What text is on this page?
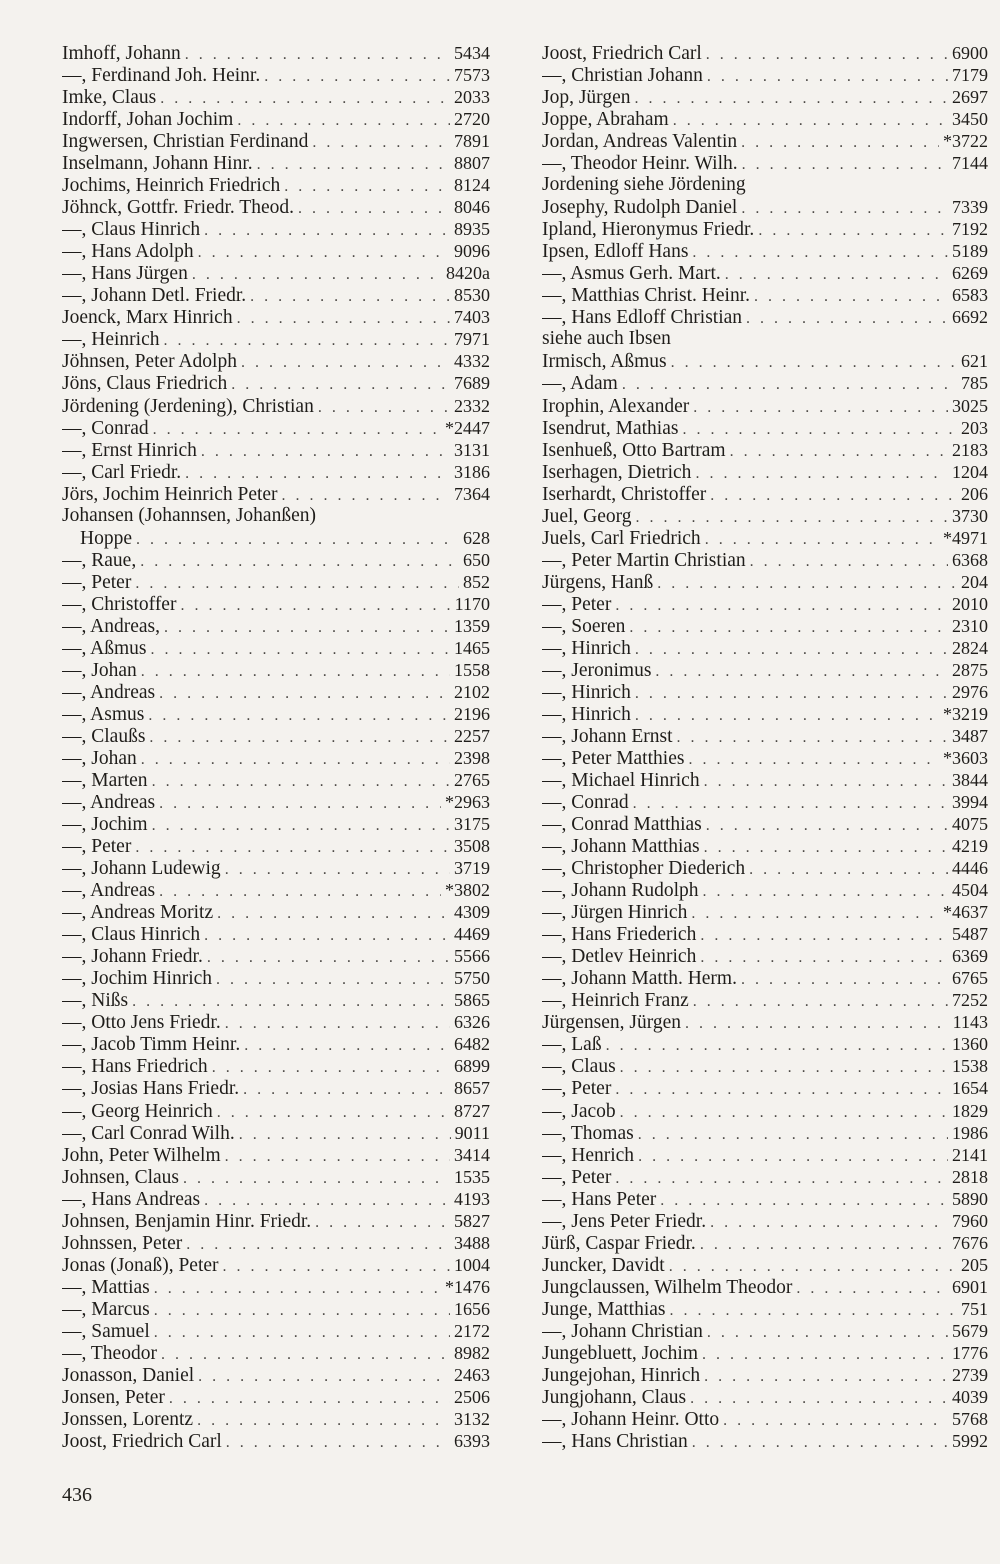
Imhoff, Johann . . .	5434
—, Ferdinand Joh. Heinr. . . .	7573
Imke, Claus . . .	2033
Indorff, Johan Jochim . . .	2720
Ingwersen, Christian Ferdinand . . .	7891
Inselmann, Johann Hinr. . . .	8807
Jochims, Heinrich Friedrich . . .	8124
Jöhnck, Gottfr. Friedr. Theod. . . .	8046
—, Claus Hinrich . . .	8935
—, Hans Adolph . . .	9096
—, Hans Jürgen . . .	8420a
—, Johann Detl. Friedr. . . .	8530
Joenck, Marx Hinrich . . .	7403
—, Heinrich . . .	7971
Jöhnsen, Peter Adolph . . .	4332
Jöns, Claus Friedrich . . .	7689
Jördening (Jerdening), Christian . . .	2332
—, Conrad . . .	*2447
—, Ernst Hinrich . . .	3131
—, Carl Friedr. . . .	3186
Jörs, Jochim Heinrich Peter . . .	7364
Johansen (Johannsen, Johanßen)
Hoppe . . .	628
—, Raue, . . .	650
—, Peter . . .	852
—, Christoffer . . .	1170
—, Andreas, . . .	1359
—, Aßmus . . .	1465
—, Johan . . .	1558
—, Andreas . . .	2102
—, Asmus . . .	2196
—, Claußs . . .	2257
—, Johan . . .	2398
—, Marten . . .	2765
—, Andreas . . .	*2963
—, Jochim . . .	3175
—, Peter . . .	3508
—, Johann Ludewig . . .	3719
—, Andreas . . .	*3802
—, Andreas Moritz . . .	4309
—, Claus Hinrich . . .	4469
—, Johann Friedr. . . .	5566
—, Jochim Hinrich . . .	5750
—, Nißs . . .	5865
—, Otto Jens Friedr. . . .	6326
—, Jacob Timm Heinr. . . .	6482
—, Hans Friedrich . . .	6899
—, Josias Hans Friedr. . . .	8657
—, Georg Heinrich . . .	8727
—, Carl Conrad Wilh. . . .	9011
John, Peter Wilhelm . . .	3414
Johnsen, Claus . . .	1535
—, Hans Andreas . . .	4193
Johnsen, Benjamin Hinr. Friedr. . . .	5827
Johnssen, Peter . . .	3488
Jonas (Jonaß), Peter . . .	1004
—, Mattias . . .	*1476
—, Marcus . . .	1656
—, Samuel . . .	2172
—, Theodor . . .	8982
Jonasson, Daniel . . .	2463
Jonsen, Peter . . .	2506
Jonssen, Lorentz . . .	3132
Joost, Friedrich Carl . . .	6393
Joost, Friedrich Carl . . .	6900
—, Christian Johann . . .	7179
Jop, Jürgen . . .	2697
Joppe, Abraham . . .	3450
Jordan, Andreas Valentin . . .	*3722
—, Theodor Heinr. Wilh. . . .	7144
Jordening siehe Jördening
Josephy, Rudolph Daniel . . .	7339
Ipland, Hieronymus Friedr. . . .	7192
Ipsen, Edloff Hans . . .	5189
—, Asmus Gerh. Mart. . . .	6269
—, Matthias Christ. Heinr. . . .	6583
—, Hans Edloff Christian . . .	6692
siehe auch Ibsen
Irmisch, Aßmus . . .	621
—, Adam . . .	785
Irophin, Alexander . . .	3025
Isendrut, Mathias . . .	203
Isenhueß, Otto Bartram . . .	2183
Iserhagen, Dietrich . . .	1204
Iserhardt, Christoffer . . .	206
Juel, Georg . . .	3730
Juels, Carl Friedrich . . .	*4971
—, Peter Martin Christian . . .	6368
Jürgens, Hanß . . .	204
—, Peter . . .	2010
—, Soeren . . .	2310
—, Hinrich . . .	2824
—, Jeronimus . . .	2875
—, Hinrich . . .	2976
—, Hinrich . . .	*3219
—, Johann Ernst . . .	3487
—, Peter Matthies . . .	*3603
—, Michael Hinrich . . .	3844
—, Conrad . . .	3994
—, Conrad Matthias . . .	4075
—, Johann Matthias . . .	4219
—, Christopher Diederich . . .	4446
—, Johann Rudolph . . .	4504
—, Jürgen Hinrich . . .	*4637
—, Hans Friederich . . .	5487
—, Detlev Heinrich . . .	6369
—, Johann Matth. Herm. . . .	6765
—, Heinrich Franz . . .	7252
Jürgensen, Jürgen . . .	1143
—, Laß . . .	1360
—, Claus . . .	1538
—, Peter . . .	1654
—, Jacob . . .	1829
—, Thomas . . .	1986
—, Henrich . . .	2141
—, Peter . . .	2818
—, Hans Peter . . .	5890
—, Jens Peter Friedr. . . .	7960
Jürß, Caspar Friedr. . . .	7676
Juncker, Davidt . . .	205
Jungclaussen, Wilhelm Theodor . . .	6901
Junge, Matthias . . .	751
—, Johann Christian . . .	5679
Jungebluett, Jochim . . .	1776
Jungejohan, Hinrich . . .	2739
Jungjohann, Claus . . .	4039
—, Johann Heinr. Otto . . .	5768
—, Hans Christian . . .	5992
436
